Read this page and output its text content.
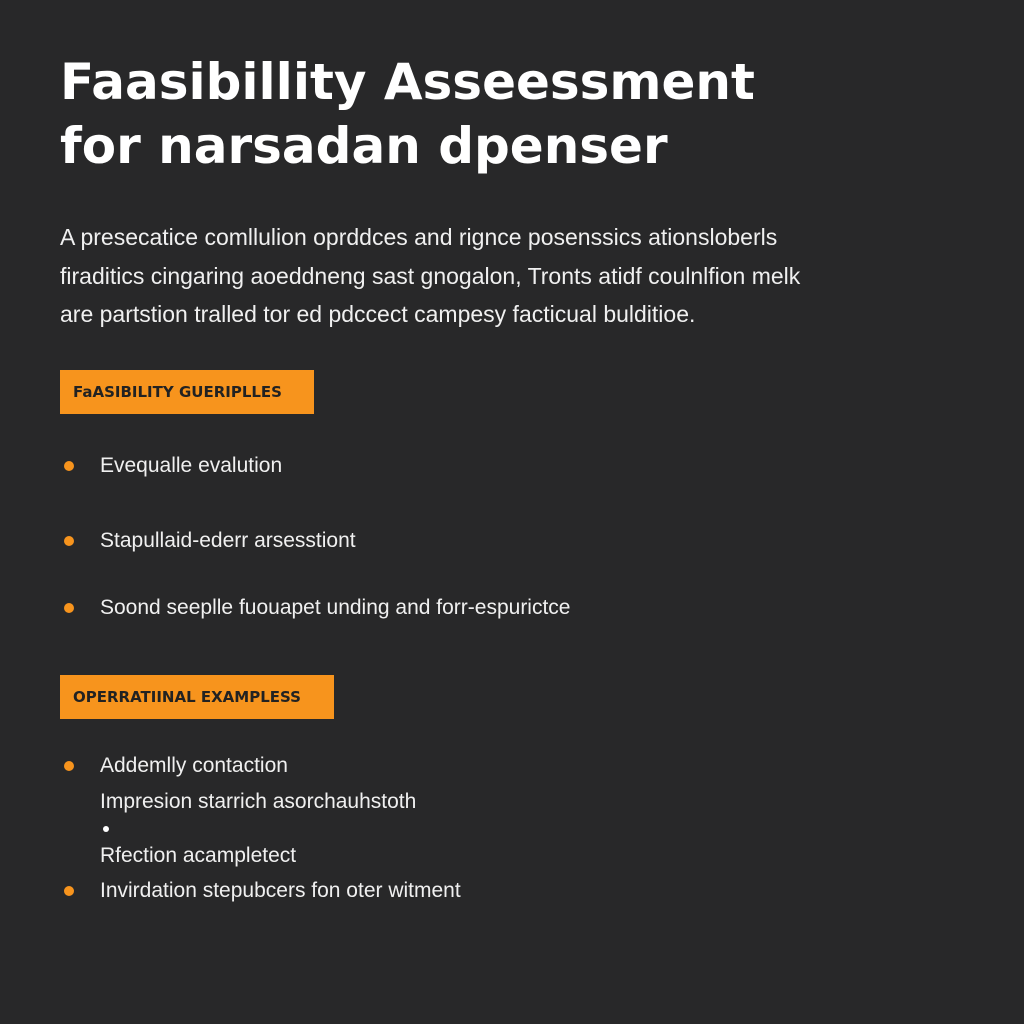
Faasibillity Asseessment
for narsadan dpenser

A presecatice comllulion oprddces and rignce posenssics ationsloberls
firaditics cingaring aoeddneng sast gnogalon, Tronts atidf coulnlfion melk
are partstion tralled tor ed pdccect campesy facticual bulditioe.

FaASIBILITY GUERIPLLES
Evequalle evalution
Stapullaid-ederr arsesstiont
Soond seeplle fuouapet unding and forr-espurictce
OPERRATIINAL EXAMPLESS
Addemlly contaction
Impresion starrich asorchauhstoth
Rfection acampletect
Invirdation stepubcers fon oter witment
